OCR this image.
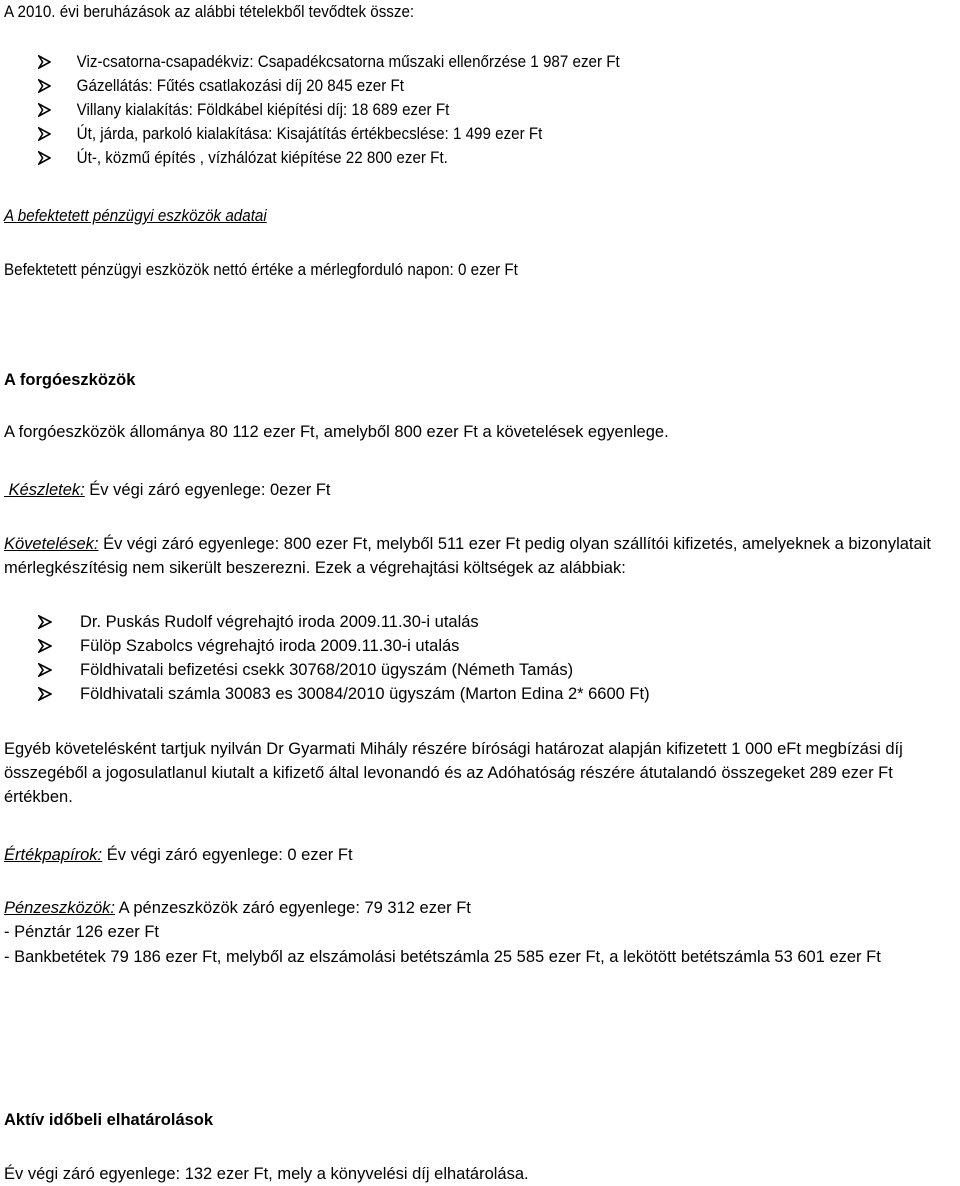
A 2010. évi beruházások az alábbi tételekből tevődtek össze:
Viz-csatorna-csapadékviz: Csapadékcsatorna műszaki ellenőrzése 1 987 ezer Ft
Gázellátás: Fűtés csatlakozási díj 20 845 ezer Ft
Villany kialakítás: Földkábel kiépítési díj: 18 689 ezer Ft
Út, járda, parkoló kialakítása: Kisajátítás értékbecslése: 1 499 ezer Ft
Út-, közmű építés , vízhálózat kiépítése 22 800 ezer Ft.
A befektetett pénzügyi eszközök adatai
Befektetett pénzügyi eszközök nettó értéke a mérlegforduló napon: 0 ezer Ft
A forgóeszközök
A forgóeszközök állománya 80 112 ezer Ft, amelyből 800 ezer Ft a követelések egyenlege.
Készletek: Év végi záró egyenlege: 0ezer Ft
Követelések: Év végi záró egyenlege: 800 ezer Ft, melyből 511 ezer Ft pedig olyan szállítói kifizetés, amelyeknek a bizonylatait mérlegkészítésig nem sikerült beszerezni. Ezek a végrehajtási költségek az alábbiak:
Dr. Puskás Rudolf végrehajtó iroda 2009.11.30-i utalás
Fülöp Szabolcs végrehajtó iroda 2009.11.30-i utalás
Földhivatali befizetési csekk 30768/2010 ügyszám (Németh Tamás)
Földhivatali számla 30083 es 30084/2010 ügyszám (Marton Edina 2* 6600 Ft)
Egyéb követelésként tartjuk nyilván Dr Gyarmati Mihály részére bírósági határozat alapján kifizetett 1 000 eFt megbízási díj összegéből a jogosulatlanul kiutalt a kifizető által levonandó és az Adóhatóság részére átutalandó összegeket 289 ezer Ft értékben.
Értékpapírok: Év végi záró egyenlege: 0 ezer Ft
Pénzeszközök: A pénzeszközök záró egyenlege: 79 312 ezer Ft
- Pénztár 126 ezer Ft
- Bankbetétek 79 186 ezer Ft, melyből az elszámolási betétszámla 25 585 ezer Ft, a lekötött betétszámla 53 601 ezer Ft
Aktív időbeli elhatárolások
Év végi záró egyenlege: 132 ezer Ft, mely a könyvelési díj elhatárolása.
